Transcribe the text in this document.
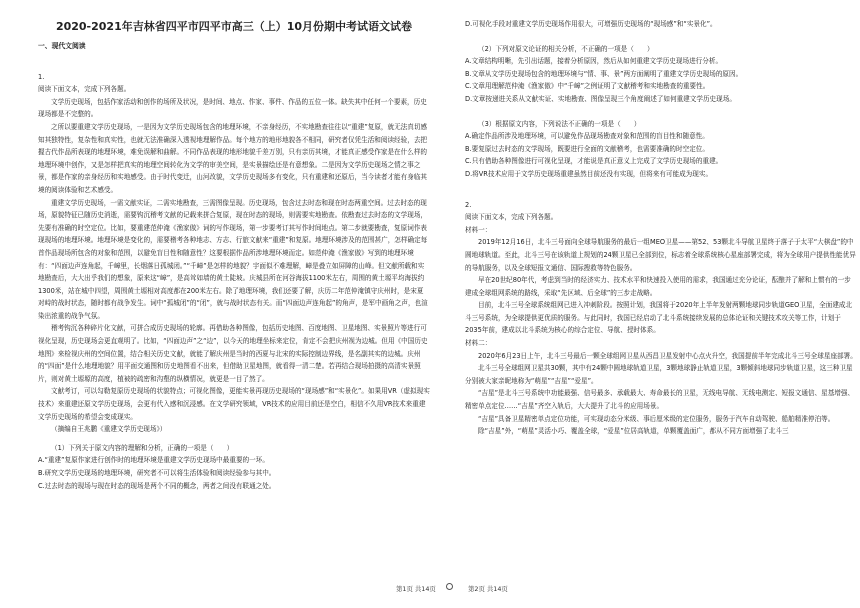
2020-2021年吉林省四平市四平市高三（上）10月份期中考试语文试卷
一、现代文阅读

1.

阅读下面文本，完成下列各题。

文学历史现场，包括作家活动和创作的场所及状况，是时间、地点、作家、事件、作品的五位一体。缺失其中任何一个要素，历史现场都是不完整的。

之所以要重建文学历史现场，一是因为文学历史现场包含的地理环境，不亲身经历，不实地勘查往往以“重建”复原，就无法真切感知其独特性，复杂性和真实性，也就无法准确深入透视地理解作品。每个地方的地形地貌各不相同，研究者仅凭生活和阅读经验，去把握古代作品所表现的地理环境，难免误解和曲解。不同作品表现的地形地貌千差万别，只有亲历其境，才能真正感受作家是在什么样的地理环境中创作，又是怎样把真实的地理空间转化为文学的审美空间，是实景描绘还是有意想象。二是因为文学历史现场之情之事之景，都是作家的亲身经历和实地感受。由于时代变迁，山河改貌，文学历史现场多有变化，只有重建和还原后，当今读者才能有身临其境的阅读体验和艺术感受。

重建文学历史现场，一需文献实证，二需实地勘查，三需图像呈现。历史现场，包含过去时态和现在时态两重空间。过去时态的现场，原貌特征已随历史消逝，需要钩沉稽考文献的记载来拼合复原，现在时态的现场，则需要实地勘查。依勘查过去时态的文学现场，先要有准确的时空定位。比如，要重建范仲淹《渔家傲》词的写作现场，第一步要考订其写作时间地点。第二步就要勘查，复原词作表现现场的地理环境。地理环境是变化的，需要稽考各种地志、方志、行旅文献来“重建”和复原。地理环境涉及的范围甚广，怎样确定每首作品现场所包含的对象和范围，以避免盲目性和随意性？这要根据作品所涉地理环境而定。如范仲淹《渔家傲》写到的地理环境有：“四面边声连角起，千嶂里，长烟落日孤城闭。”“千嶂”是怎样的地貌？宇面似不难理解，嶂是叠立如屏障的山峰。但文献所载和实地勘查后，大大出乎我们的想象，原来这“嶂”，是高耸如墙的黄土陡坡。庆城县所在河谷海拔1100米左右，周围的黄土塬平均海拔约1300米，站在城中四望，周围黄土塬相对高度都在200米左右。除了地理环境，我们还要了解，庆历二年范仲淹镇守庆州时，是宋夏对峙的战时状态，随时都有战争发生。词中“孤城闭”的“闭”，就与战时状态有关。而“四面边声连角起”的角声，是军中画角之声，也渲染出浓重的战争气氛。

稽考钩沉各种碎片化文献，可拼合成历史现场的轮廓。再借助各种图像，包括历史地图、百度地图、卫星地图、实景照片等进行可视化呈现，历史现场会更直观明了。比如，“四面边声”之“边”，以今天的地理坐标来定位，肯定不会把庆州视为边城。但用《中国历史地图》来检视庆州的空间位置，结合相关历史文献，就能了解庆州是当时的西夏与北宋的实际控制边界线，是名副其实的边城。庆州的“四面”是什么地理地貌？用平面交通图和历史地图看不出来，但借助卫星地图，就看得一清二楚。若再结合现场拍摄的高清实景照片，则对黄土塬塬的高度，植被的疏密和沟壑的纵横情况，就更是一目了然了。

文献考订，可以勾勒复原历史现场的状貌特点；可视化图像，更能实景再现历史现场的“现场感”和“实景化”。如果用VR（虚拟现实技术）来重建还原文学历史现场，会更有代入感和沉浸感。在文学研究领域，VR技术的应用目前还是空白，相信不久用VR技术来重建文学历史现场的希望会变成现实。

（摘编自王兆鹏《重建文学历史现场》）

（1）下列关于原文内容的理解和分析，正确的一项是（　　）

A.“重建”复原作家进行创作时的地理环境是重建文学历史现场中最重要的一环。

B.研究文学历史现场的地理环境，研究者不可以将生活体验和阅读经验参与其中。

C.过去时态的现场与现在时态的现场是两个不同的概念，两者之间没有联通之处。

D.可视化手段对重建文学历史现场作用很大，可增强历史现场的“现场感”和“实景化”。

（2）下列对原文论证的相关分析，不正确的一项是（　　）

A.文章结构明晰，先引出话题，接着分析原因，然后从如何重建文学历史现场进行分析。

B.文章从文学历史现场包含的地理环境与“情、事、景”两方面阐明了重建文学历史现场的原因。

C.文章用理解范仲淹《渔家傲》中“千嶂”之例证明了文献稽考和实地勘查的重要性。

D.文章按递进关系从文献实证、实地勘查、图像呈现三个角度阐述了如何重建文学历史现场。

（3）根据原文内容，下列说法不正确的一项是（　　）

A.确定作品所涉及地理环境，可以避免作品现场勘查对象和范围的盲目性和随意性。

B.要复原过去时态的文学现场，既要进行全面的文献稽考，也需要准确的时空定位。

C.只有借助各种图像进行可视化呈现，才能说是真正意义上完成了文学历史现场的重建。

D.将VR技术应用于文学历史现场重建虽然目前还没有实现，但将来有可能成为现实。

2.

阅读下面文本，完成下列各题。

材料一：

2019年12月16日，北斗三号面向全球导航服务的最后一组MEO卫星——第52、53颗北斗导航卫星终于落子于太平“大棋盘”的中圆地球轨道。至此，北斗三号在该轨道上规划的24颗卫星已全部到位，标志着全球系统核心星座部署完成，将为全球用户提供性能优异的导航服务，以及全球短报文通信、国际搜救等特色服务。

早在20世纪80年代，考虑到当时的经济实力、技术水平和快速投入使用的需求，我国通过充分论证，酝酿并了解和上惯有的一步建成全球组网系统的路线，采取“先区域、后全球”的三步走战略。

目前，北斗三号全球系统组网已进入冲刺阶段。按照计划，我国将于2020年上半年发射两颗地球同步轨道GEO卫星，全面建成北斗三号系统，为全球提供更优质的服务。与此同时，我国已经启动了北斗系统接续发展的总体论证和关键技术攻关等工作，计划于2035年前，建成以北斗系统为核心的综合定位、导航、授时体系。

材料二：

2020年6月23日上午，北斗三号最后一颗全球组网卫星从西昌卫星发射中心点火升空，我国提前半年完成北斗三号全球星座部署。

北斗三号全球组网卫星共30颗，其中有24颗中圆地球轨道卫星，3颗地球静止轨道卫星，3颗倾斜地球同步轨道卫星，这三种卫星分别被大家亲昵地称为“萌星”“吉星”“爱星”。

“吉星”是北斗三号系统中功能最强、信号最多、承载最大、寿命最长的卫星，无线电导航、无线电测定、短报文通信、星基增强、精密单点定位……“吉星”齐空入轨后，大大提升了北斗的应用场景。

“吉星”具备卫星精密单点定位功能，可实现动态分米级、事后厘米级的定位服务，服务于汽车自动驾驶、船舶精准停泊等。

除“吉星”外，“萌星”灵活小巧、覆盖全球，“爱星”位居高轨道，单颗覆盖面广，都从不同方面增强了北斗三

第1页 共14页	第2页 共14页
